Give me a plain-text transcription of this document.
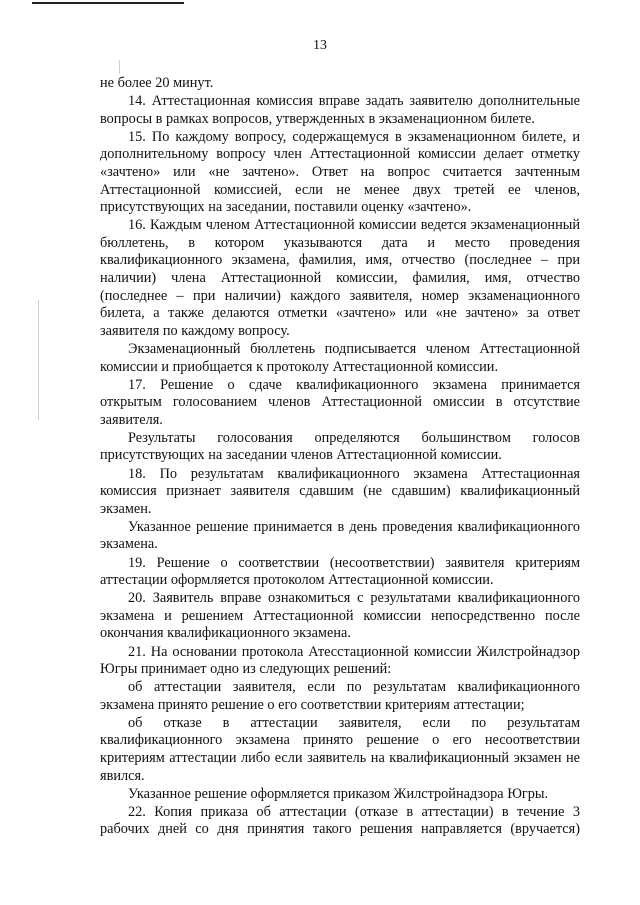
13

не более 20 минут.

14. Аттестационная комиссия вправе задать заявителю дополнительные вопросы в рамках вопросов, утвержденных в экзаменационном билете.

15. По каждому вопросу, содержащемуся в экзаменационном билете, и дополнительному вопросу член Аттестационной комиссии делает отметку «зачтено» или «не зачтено». Ответ на вопрос считается зачтенным Аттестационной комиссией, если не менее двух третей ее членов, присутствующих на заседании, поставили оценку «зачтено».

16. Каждым членом Аттестационной комиссии ведется экзаменационный бюллетень, в котором указываются дата и место проведения квалификационного экзамена, фамилия, имя, отчество (последнее – при наличии) члена Аттестационной комиссии, фамилия, имя, отчество (последнее – при наличии) каждого заявителя, номер экзаменационного билета, а также делаются отметки «зачтено» или «не зачтено» за ответ заявителя по каждому вопросу.

Экзаменационный бюллетень подписывается членом Аттестационной комиссии и приобщается к протоколу Аттестационной комиссии.

17. Решение о сдаче квалификационного экзамена принимается открытым голосованием членов Аттестационной омиссии в отсутствие заявителя.

Результаты голосования определяются большинством голосов присутствующих на заседании членов Аттестационной комиссии.

18. По результатам квалификационного экзамена Аттестационная комиссия признает заявителя сдавшим (не сдавшим) квалификационный экзамен.

Указанное решение принимается в день проведения квалификационного экзамена.

19. Решение о соответствии (несоответствии) заявителя критериям аттестации оформляется протоколом Аттестационной комиссии.

20. Заявитель вправе ознакомиться с результатами квалификационного экзамена и решением Аттестационной комиссии непосредственно после окончания квалификационного экзамена.

21. На основании протокола Атесстационной комиссии Жилстройнадзор Югры принимает одно из следующих решений:

об аттестации заявителя, если по результатам квалификационного экзамена принято решение о его соответствии критериям аттестации;

об отказе в аттестации заявителя, если по результатам квалификационного экзамена принято решение о его несоответствии критериям аттестации либо если заявитель на квалификационный экзамен не явился.

Указанное решение оформляется приказом Жилстройнадзора Югры.

22. Копия приказа об аттестации (отказе в аттестации) в течение 3 рабочих дней со дня принятия такого решения направляется (вручается)
